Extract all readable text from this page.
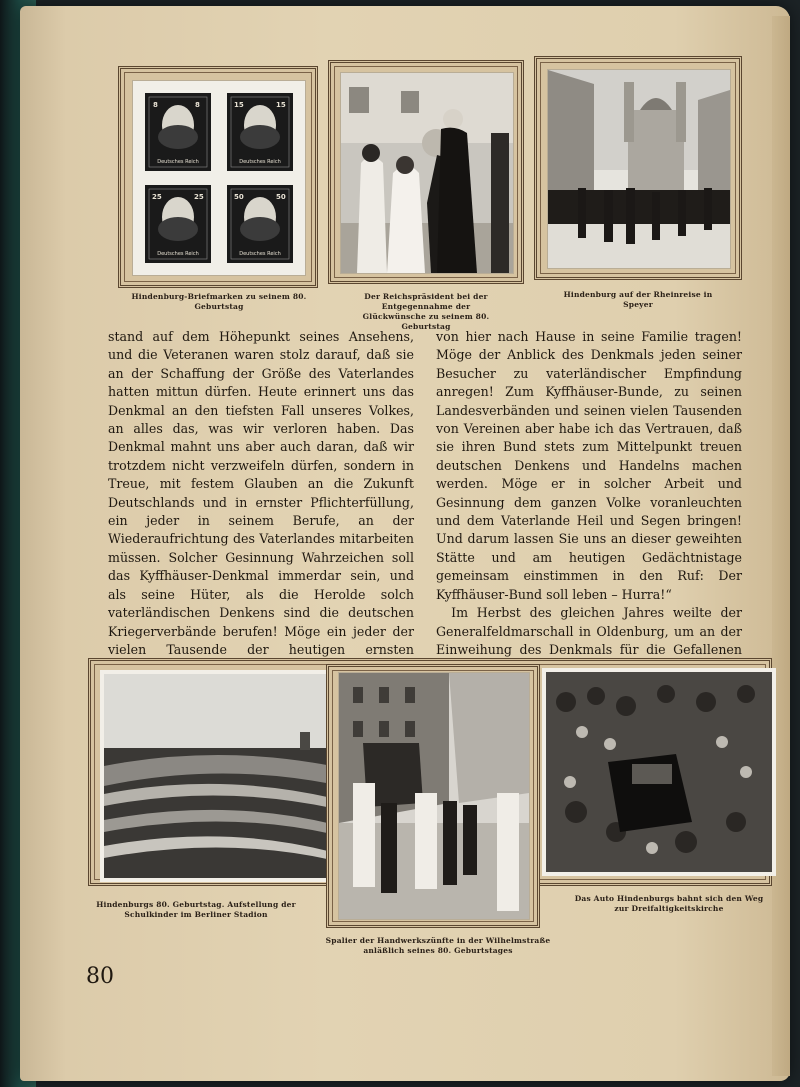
8	8
Deutsches Reich
15	15
Deutsches Reich
25	25
Deutsches Reich
50	50
Deutsches Reich
Hindenburg-Briefmarken zu seinem 80. Geburtstag
Der Reichspräsident bei der Entgegennahme der Glückwünsche zu seinem 80. Geburtstag
Hindenburg auf der Rheinreise in Speyer

stand auf dem Höhepunkt seines Ansehens, und die Veteranen waren stolz darauf, daß sie an der Schaffung der Größe des Vaterlandes hatten mittun dürfen. Heute erinnert uns das Denkmal an den tiefsten Fall unseres Volkes, an alles das, was wir verloren haben. Das Denkmal mahnt uns aber auch daran, daß wir trotzdem nicht verzweifeln dürfen, sondern in Treue, mit festem Glauben an die Zukunft Deutschlands und in ernster Pflichterfüllung, ein jeder in seinem Berufe, an der Wiederaufrichtung des Vaterlandes mitarbeiten müssen. Solcher Gesinnung Wahrzeichen soll das Kyffhäuser-Denkmal immerdar sein, und als seine Hüter, als die Herolde solch vaterländischen Denkens sind die deutschen Kriegerverbände berufen! Möge ein jeder der vielen Tausende der heutigen ernsten

von hier nach Hause in seine Familie tragen! Möge der Anblick des Denkmals jeden seiner Besucher zu vaterländischer Empfindung anregen! Zum Kyffhäuser-Bunde, zu seinen Landesverbänden und seinen vielen Tausenden von Vereinen aber habe ich das Vertrauen, daß sie ihren Bund stets zum Mittelpunkt treuen deutschen Denkens und Handelns machen werden. Möge er in solcher Arbeit und Gesinnung dem ganzen Volke voranleuchten und dem Vaterlande Heil und Segen bringen! Und darum lassen Sie uns an dieser geweihten Stätte und am heutigen Gedächtnistage gemeinsam einstimmen in den Ruf: Der Kyffhäuser-Bund soll leben – Hurra!“

Im Herbst des gleichen Jahres weilte der Generalfeldmarschall in Oldenburg, um an der Einweihung des Denkmals für die Gefallenen

Hindenburgs 80. Geburtstag. Aufstellung der Schulkinder im Berliner Stadion
Spalier der Handwerkszünfte in der Wilhelmstraße anläßlich seines 80. Geburtstages
Das Auto Hindenburgs bahnt sich den Weg zur Dreifaltigkeitskirche
80
